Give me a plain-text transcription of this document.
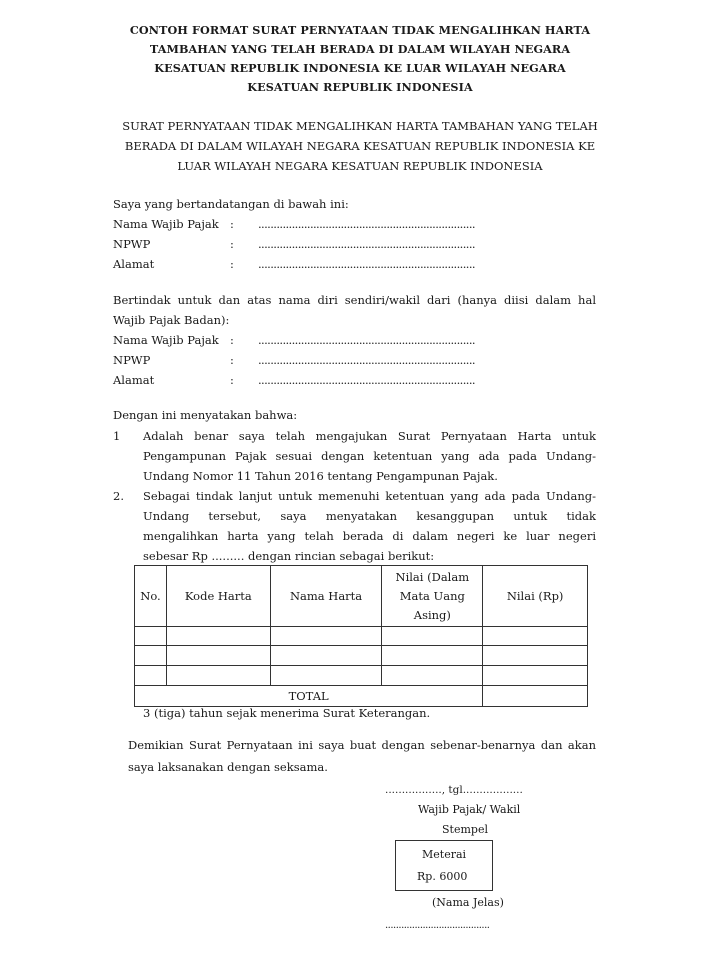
CONTOH FORMAT SURAT PERNYATAAN TIDAK MENGALIHKAN HARTA
TAMBAHAN YANG TELAH BERADA DI DALAM WILAYAH NEGARA
KESATUAN REPUBLIK INDONESIA KE LUAR WILAYAH NEGARA
KESATUAN REPUBLIK INDONESIA
SURAT PERNYATAAN TIDAK MENGALIHKAN HARTA TAMBAHAN YANG TELAH
BERADA DI DALAM WILAYAH NEGARA KESATUAN REPUBLIK INDONESIA KE
LUAR WILAYAH NEGARA KESATUAN REPUBLIK INDONESIA
Saya yang bertandatangan di bawah ini:
Nama Wajib Pajak : .......................................................................
NPWP	: .......................................................................
Alamat	: .......................................................................
Bertindak untuk dan atas nama diri sendiri/wakil dari (hanya diisi dalam hal
Wajib Pajak Badan):
Nama Wajib Pajak : .......................................................................
NPWP	: .......................................................................
Alamat	: .......................................................................
Dengan ini menyatakan bahwa:
1 Adalah benar saya telah mengajukan Surat Pernyataan Harta untuk
Pengampunan Pajak sesuai dengan ketentuan yang ada pada Undang-
Undang Nomor 11 Tahun 2016 tentang Pengampunan Pajak.
2. Sebagai tindak lanjut untuk memenuhi ketentuan yang ada pada Undang-
Undang tersebut, saya menyatakan kesanggupan untuk tidak
mengalihkan harta yang telah berada di dalam negeri ke luar negeri
sebesar Rp ......... dengan rincian sebagai berikut:
No.	Kode Harta	Nama Harta	Nilai (Dalam Mata Uang Asing)	Nilai (Rp)

TOTAL				
3 (tiga) tahun sejak menerima Surat Keterangan.
Demikian Surat Pernyataan ini saya buat dengan sebenar-benarnya dan akan
saya laksanakan dengan seksama.
................., tgl..................
Wajib Pajak/ Wakil
Stempel
Meterai
Rp. 6000
(Nama Jelas)
.......................................
